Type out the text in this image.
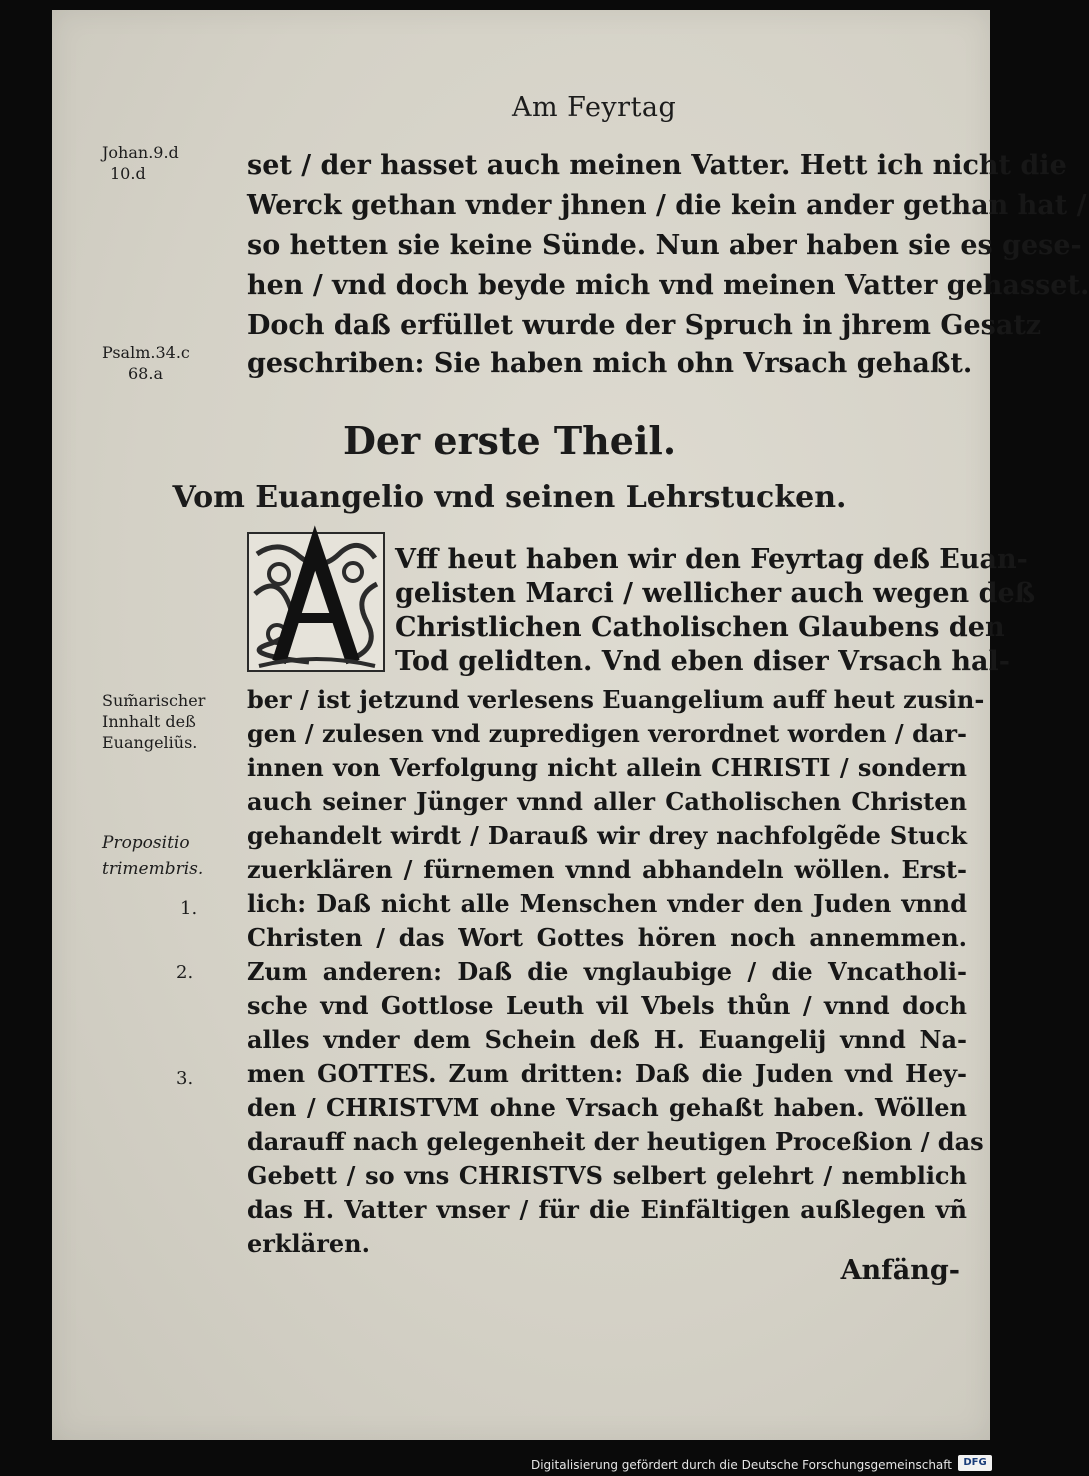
Am Feyrtag
Johan.9.d
10.d
Psalm.34.c
68.a
Sum̃arischer
Innhalt deß
Euangeliũs.
Propositio
trimembris.
1.
2.
3.
set / der hasset auch meinen Vatter. Hett ich nicht die
Werck gethan vnder jhnen / die kein ander gethan hat /
so hetten sie keine Sünde. Nun aber haben sie es gese-
hen / vnd doch beyde mich vnd meinen Vatter gehasset.
Doch daß erfüllet wurde der Spruch in jhrem Gesatz
geschriben: Sie haben mich ohn Vrsach gehaßt.
Der erste Theil.
Vom Euangelio vnd seinen Lehrstucken.
Vff heut haben wir den Feyrtag deß Euan-
gelisten Marci / wellicher auch wegen deß
Christlichen Catholischen Glaubens den
Tod gelidten. Vnd eben diser Vrsach hal-
ber / ist jetzund verlesens Euangelium auff heut zusin-
gen / zulesen vnd zupredigen verordnet worden / dar-
innen von Verfolgung nicht allein CHRISTI / sondern
auch seiner Jünger vnnd aller Catholischen Christen
gehandelt wirdt / Darauß wir drey nachfolgẽde Stuck
zuerklären / fürnemen vnnd abhandeln wöllen. Erst-
lich: Daß nicht alle Menschen vnder den Juden vnnd
Christen / das Wort Gottes hören noch annemmen.
Zum anderen: Daß die vnglaubige / die Vncatholi-
sche vnd Gottlose Leuth vil Vbels thůn / vnnd doch
alles vnder dem Schein deß H. Euangelij vnnd Na-
men GOTTES. Zum dritten: Daß die Juden vnd Hey-
den / CHRISTVM ohne Vrsach gehaßt haben. Wöllen
darauff nach gelegenheit der heutigen Proceßion / das
Gebett / so vns CHRISTVS selbert gelehrt / nemblich
das H. Vatter vnser / für die Einfältigen außlegen vñ
erklären.
Anfäng-
Digitalisierung gefördert durch die Deutsche Forschungsgemeinschaft	DFG
